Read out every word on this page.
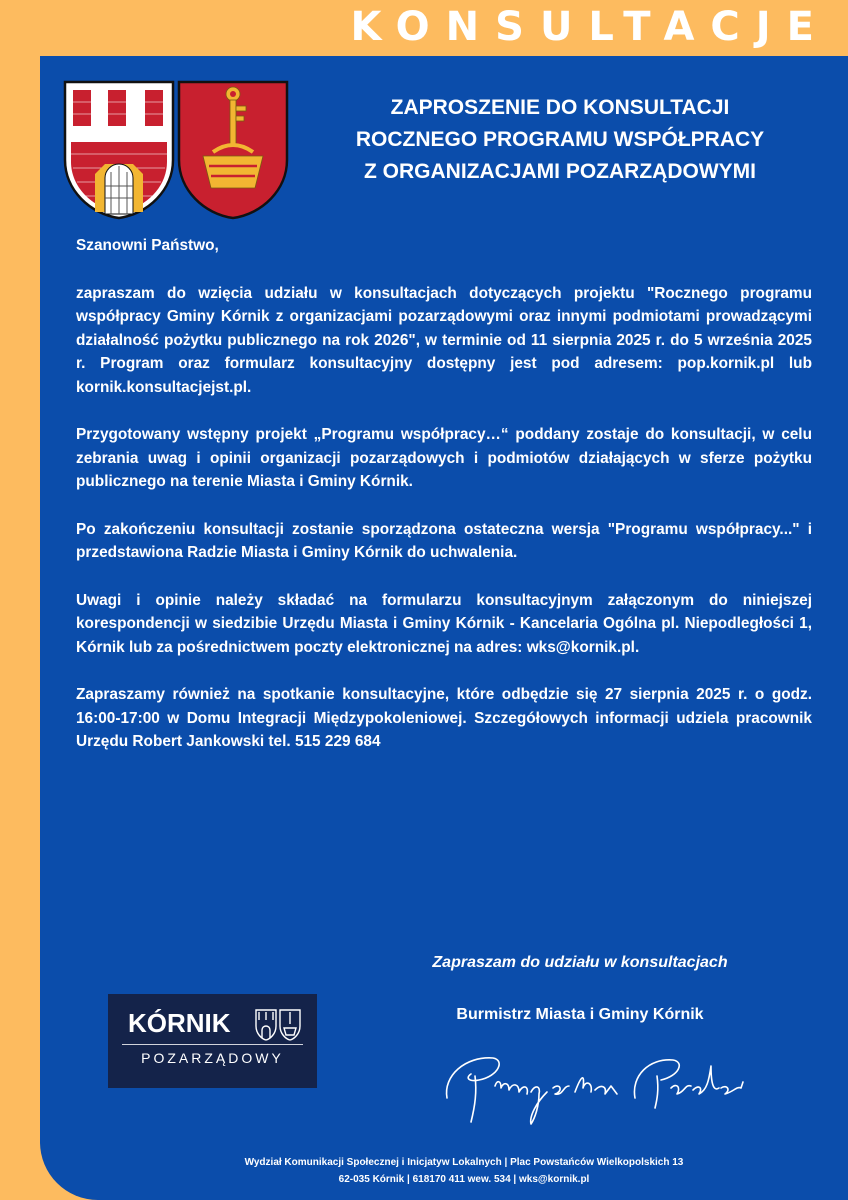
KONSULTACJE
ZAPROSZENIE DO KONSULTACJI
ROCZNEGO PROGRAMU WSPÓŁPRACY
Z ORGANIZACJAMI POZARZĄDOWYMI

Szanowni Państwo,

zapraszam do wzięcia udziału w konsultacjach dotyczących projektu "Rocznego programu współpracy Gminy Kórnik z organizacjami pozarządowymi oraz innymi podmiotami prowadzącymi działalność pożytku publicznego na rok 2026", w terminie od 11 sierpnia 2025 r. do 5 września 2025 r. Program oraz formularz konsultacyjny dostępny jest pod adresem: pop.kornik.pl lub kornik.konsultacjejst.pl.

Przygotowany wstępny projekt „Programu współpracy…“ poddany zostaje do konsultacji, w celu zebrania uwag i opinii organizacji pozarządowych i podmiotów działających w sferze pożytku publicznego na terenie Miasta i Gminy Kórnik.

Po zakończeniu konsultacji zostanie sporządzona ostateczna wersja "Programu współpracy..." i przedstawiona Radzie Miasta i Gminy Kórnik do uchwalenia.

Uwagi i opinie należy składać na formularzu konsultacyjnym załączonym do niniejszej korespondencji w siedzibie Urzędu Miasta i Gminy Kórnik - Kancelaria Ogólna pl. Niepodległości 1, Kórnik lub za pośrednictwem poczty elektronicznej na adres: wks@kornik.pl.

Zapraszamy również na spotkanie konsultacyjne, które odbędzie się 27 sierpnia 2025 r. o godz. 16:00-17:00 w Domu Integracji Międzypokoleniowej. Szczegółowych informacji udziela pracownik Urzędu Robert Jankowski tel. 515 229 684

Zapraszam do udziału w konsultacjach
Burmistrz Miasta i Gminy Kórnik
KÓRNIK
POZARZĄDOWY
Wydział Komunikacji Społecznej i Inicjatyw Lokalnych | Plac Powstańców Wielkopolskich 13
62-035 Kórnik | 618170 411 wew. 534 | wks@kornik.pl
